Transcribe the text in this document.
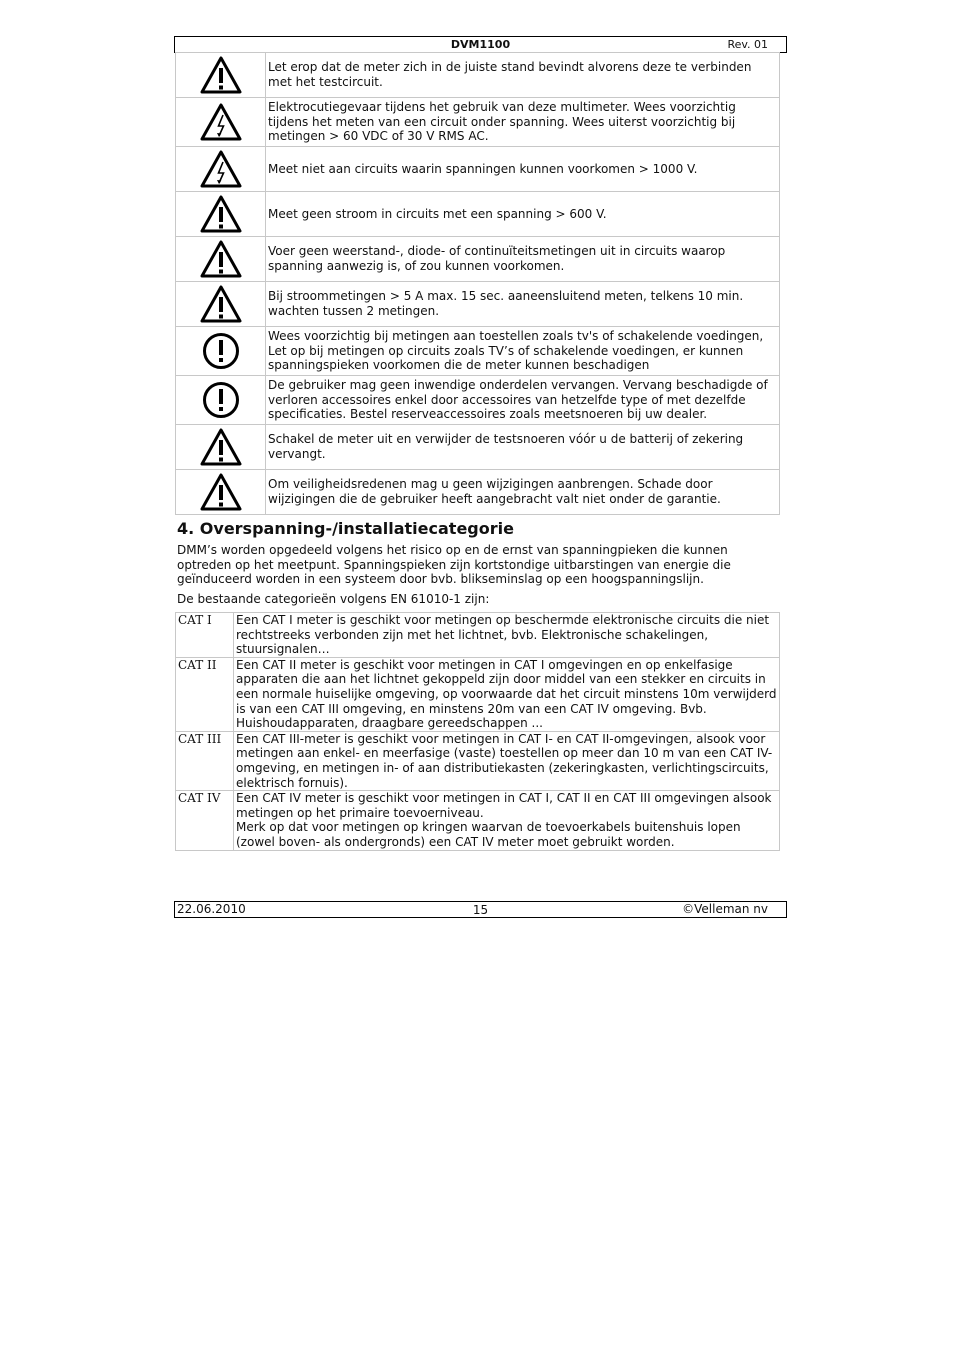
DVM1100	Rev. 01
	Let erop dat de meter zich in de juiste stand bevindt alvorens deze te verbinden met het testcircuit.

	Elektrocutiegevaar tijdens het gebruik van deze multimeter. Wees voorzichtig tijdens het meten van een circuit onder spanning. Wees uiterst voorzichtig bij metingen > 60 VDC of 30 V RMS AC.

	Meet niet aan circuits waarin spanningen kunnen voorkomen > 1000 V.

	Meet geen stroom in circuits met een spanning > 600 V.

	Voer geen weerstand-, diode- of continuïteitsmetingen uit in circuits waarop spanning aanwezig is, of zou kunnen voorkomen.

	Bij stroommetingen > 5 A max. 15 sec. aaneensluitend meten, telkens 10 min. wachten tussen 2 metingen.

	Wees voorzichtig bij metingen aan toestellen zoals tv's of schakelende voedingen, Let op bij metingen op circuits zoals TV’s of schakelende voedingen, er kunnen spanningspieken voorkomen die de meter kunnen beschadigen

	De gebruiker mag geen inwendige onderdelen vervangen. Vervang beschadigde of verloren accessoires enkel door accessoires van hetzelfde type of met dezelfde specificaties. Bestel reserveaccessoires zoals meetsnoeren bij uw dealer.

	Schakel de meter uit en verwijder de testsnoeren vóór u de batterij of zekering vervangt.

	Om veiligheidsredenen mag u geen wijzigingen aanbrengen. Schade door wijzigingen die de gebruiker heeft aangebracht valt niet onder de garantie.
4. Overspanning-/installatiecategorie

DMM’s worden opgedeeld volgens het risico op en de ernst van spanningpieken die kunnen optreden op het meetpunt. Spanningspieken zijn kortstondige uitbarstingen van energie die geïnduceerd worden in een systeem door bvb. blikseminslag op een hoogspanningslijn.

De bestaande categorieën volgens EN 61010-1 zijn:

CAT I	Een CAT I meter is geschikt voor metingen op beschermde elektronische circuits die niet rechtstreeks verbonden zijn met het lichtnet, bvb. Elektronische schakelingen, stuursignalen…

CAT II	Een CAT II meter is geschikt voor metingen in CAT I omgevingen en op enkelfasige apparaten die aan het lichtnet gekoppeld zijn door middel van een stekker en circuits in een normale huiselijke omgeving, op voorwaarde dat het circuit minstens 10m verwijderd is van een CAT III omgeving, en minstens 20m van een CAT IV omgeving. Bvb. Huishoudapparaten, draagbare gereedschappen ...

CAT III	Een CAT III-meter is geschikt voor metingen in CAT I- en CAT II-omgevingen, alsook voor metingen aan enkel- en meerfasige (vaste) toestellen op meer dan 10 m van een CAT IV-omgeving, en metingen in- of aan distributiekasten (zekeringkasten, verlichtingscircuits, elektrisch fornuis).

CAT IV	Een CAT IV meter is geschikt voor metingen in CAT I, CAT II en CAT III omgevingen alsook metingen op het primaire toevoerniveau.
Merk op dat voor metingen op kringen waarvan de toevoerkabels buitenshuis lopen (zowel boven- als ondergronds) een CAT IV meter moet gebruikt worden.
22.06.2010	15	©Velleman nv
